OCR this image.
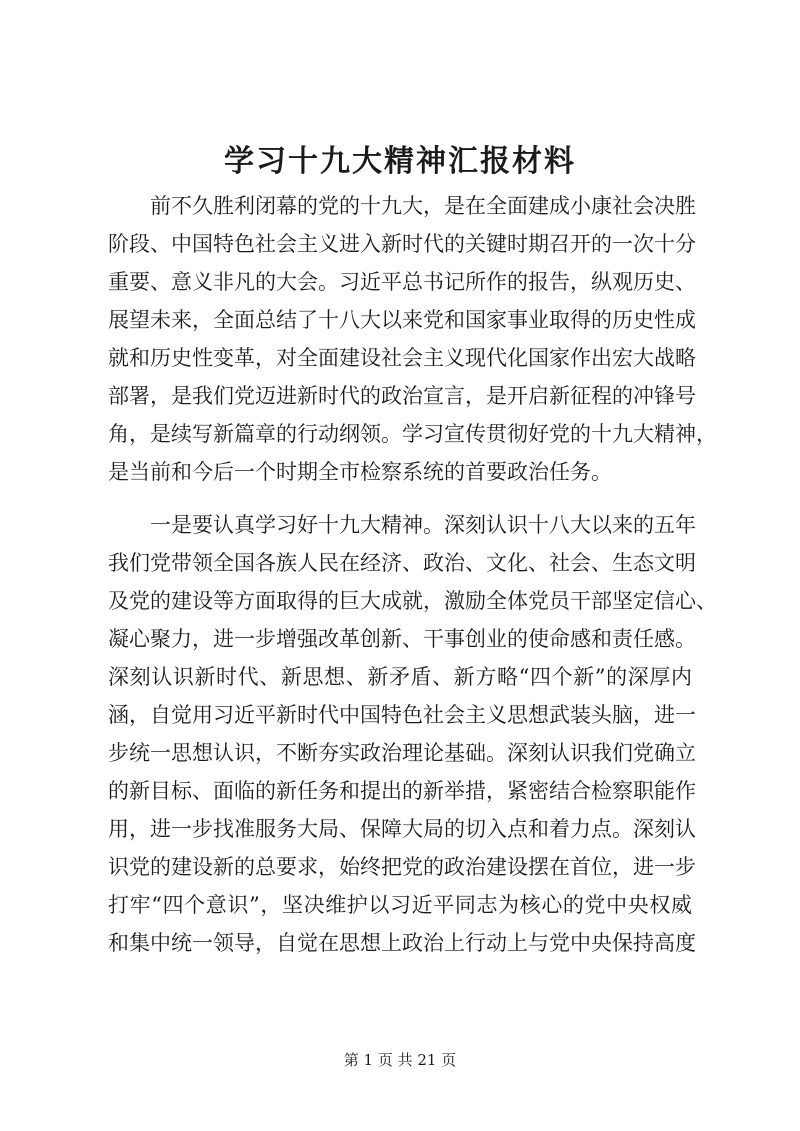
学习十九大精神汇报材料

前不久胜利闭幕的党的十九大，是在全面建成小康社会决胜

阶段、中国特色社会主义进入新时代的关键时期召开的一次十分

重要、意义非凡的大会。习近平总书记所作的报告，纵观历史、

展望未来，全面总结了十八大以来党和国家事业取得的历史性成

就和历史性变革，对全面建设社会主义现代化国家作出宏大战略

部署，是我们党迈进新时代的政治宣言，是开启新征程的冲锋号

角，是续写新篇章的行动纲领。学习宣传贯彻好党的十九大精神，

是当前和今后一个时期全市检察系统的首要政治任务。

一是要认真学习好十九大精神。深刻认识十八大以来的五年

我们党带领全国各族人民在经济、政治、文化、社会、生态文明

及党的建设等方面取得的巨大成就，激励全体党员干部坚定信心、

凝心聚力，进一步增强改革创新、干事创业的使命感和责任感。

深刻认识新时代、新思想、新矛盾、新方略“四个新”的深厚内

涵，自觉用习近平新时代中国特色社会主义思想武装头脑，进一

步统一思想认识，不断夯实政治理论基础。深刻认识我们党确立

的新目标、面临的新任务和提出的新举措，紧密结合检察职能作

用，进一步找准服务大局、保障大局的切入点和着力点。深刻认

识党的建设新的总要求，始终把党的政治建设摆在首位，进一步

打牢“四个意识”，坚决维护以习近平同志为核心的党中央权威

和集中统一领导，自觉在思想上政治上行动上与党中央保持高度

第 1 页 共 21 页
